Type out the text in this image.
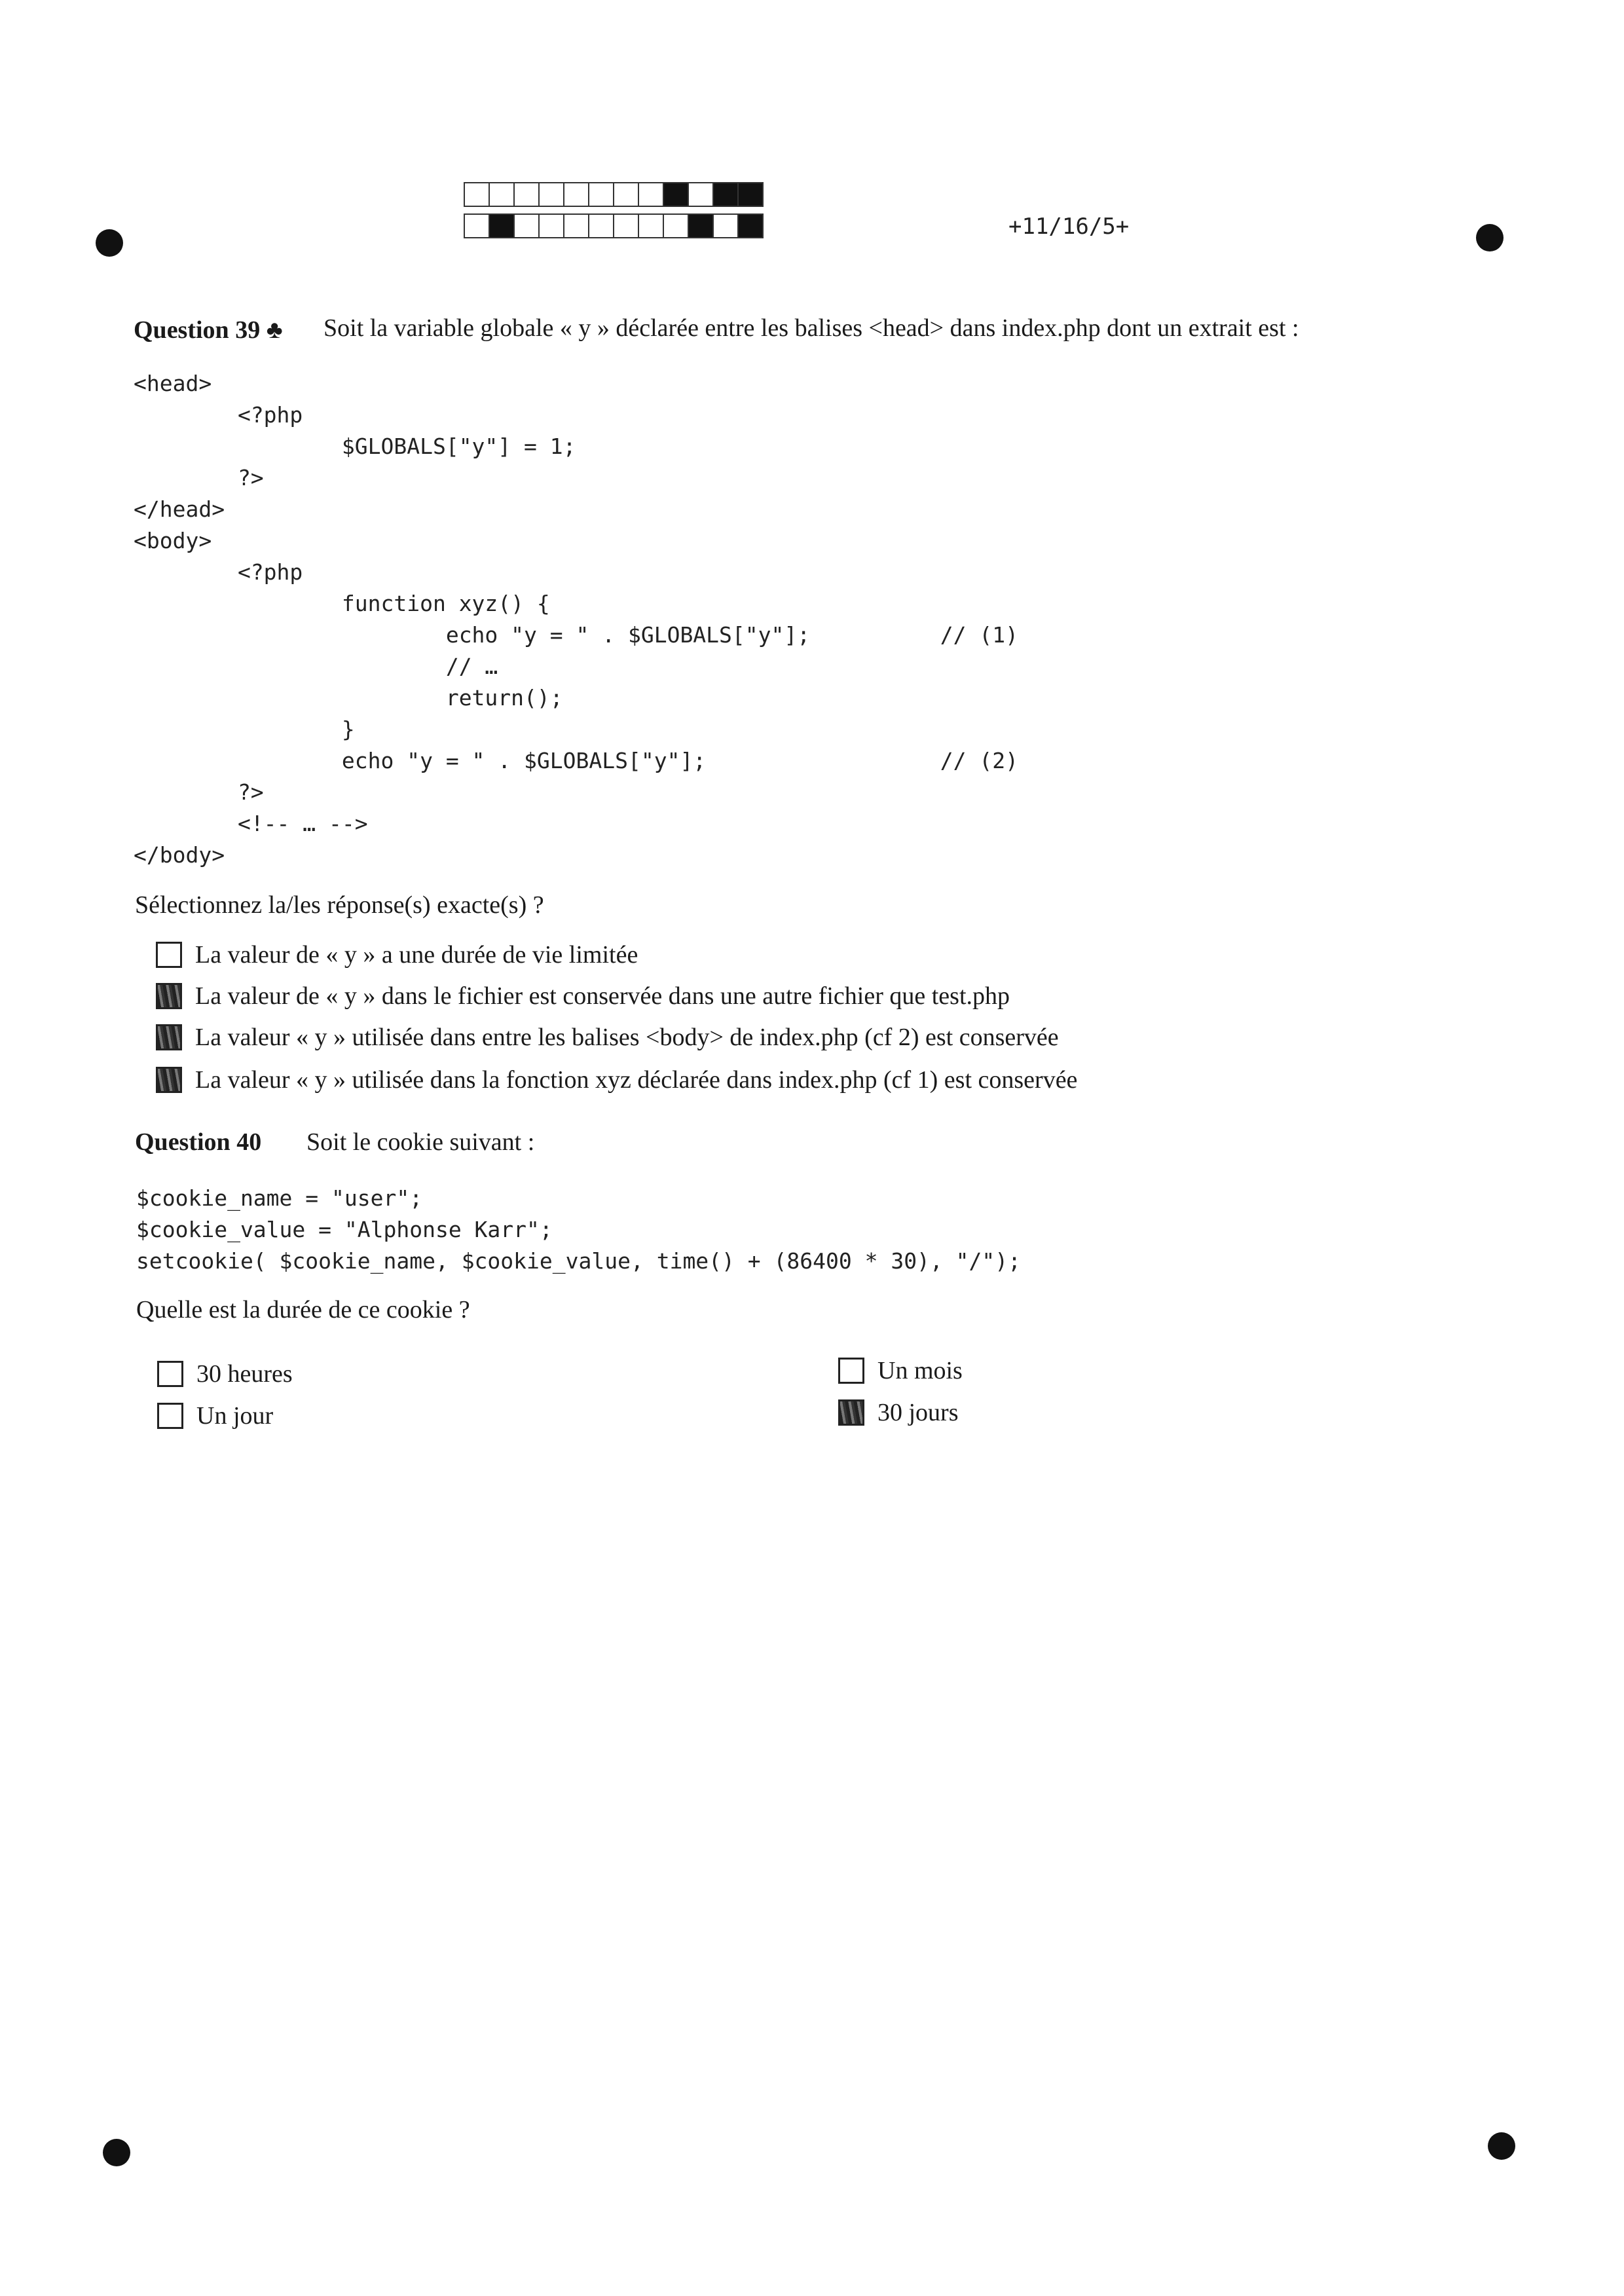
+11/16/5+
Question 39 ♣ Soit la variable globale « y » déclarée entre les balises <head> dans index.php dont un extrait est :
<head>
<?php
$GLOBALS["y"] = 1;
?>
</head>
<body>
<?php
function xyz() {
echo "y = " . $GLOBALS["y"];          // (1)
// …
return();
}
echo "y = " . $GLOBALS["y"];                  // (2)
?>
<!-- … -->
</body>
Sélectionnez la/les réponse(s) exacte(s) ?
La valeur de « y » a une durée de vie limitée
La valeur de « y » dans le fichier est conservée dans une autre fichier que test.php
La valeur « y » utilisée dans entre les balises <body> de index.php (cf 2) est conservée
La valeur « y » utilisée dans la fonction xyz déclarée dans index.php (cf 1) est conservée
Question 40 Soit le cookie suivant :
$cookie_name = "user";
$cookie_value = "Alphonse Karr";
setcookie( $cookie_name, $cookie_value, time() + (86400 * 30), "/");
Quelle est la durée de ce cookie ?
30 heures
Un jour
Un mois
30 jours
